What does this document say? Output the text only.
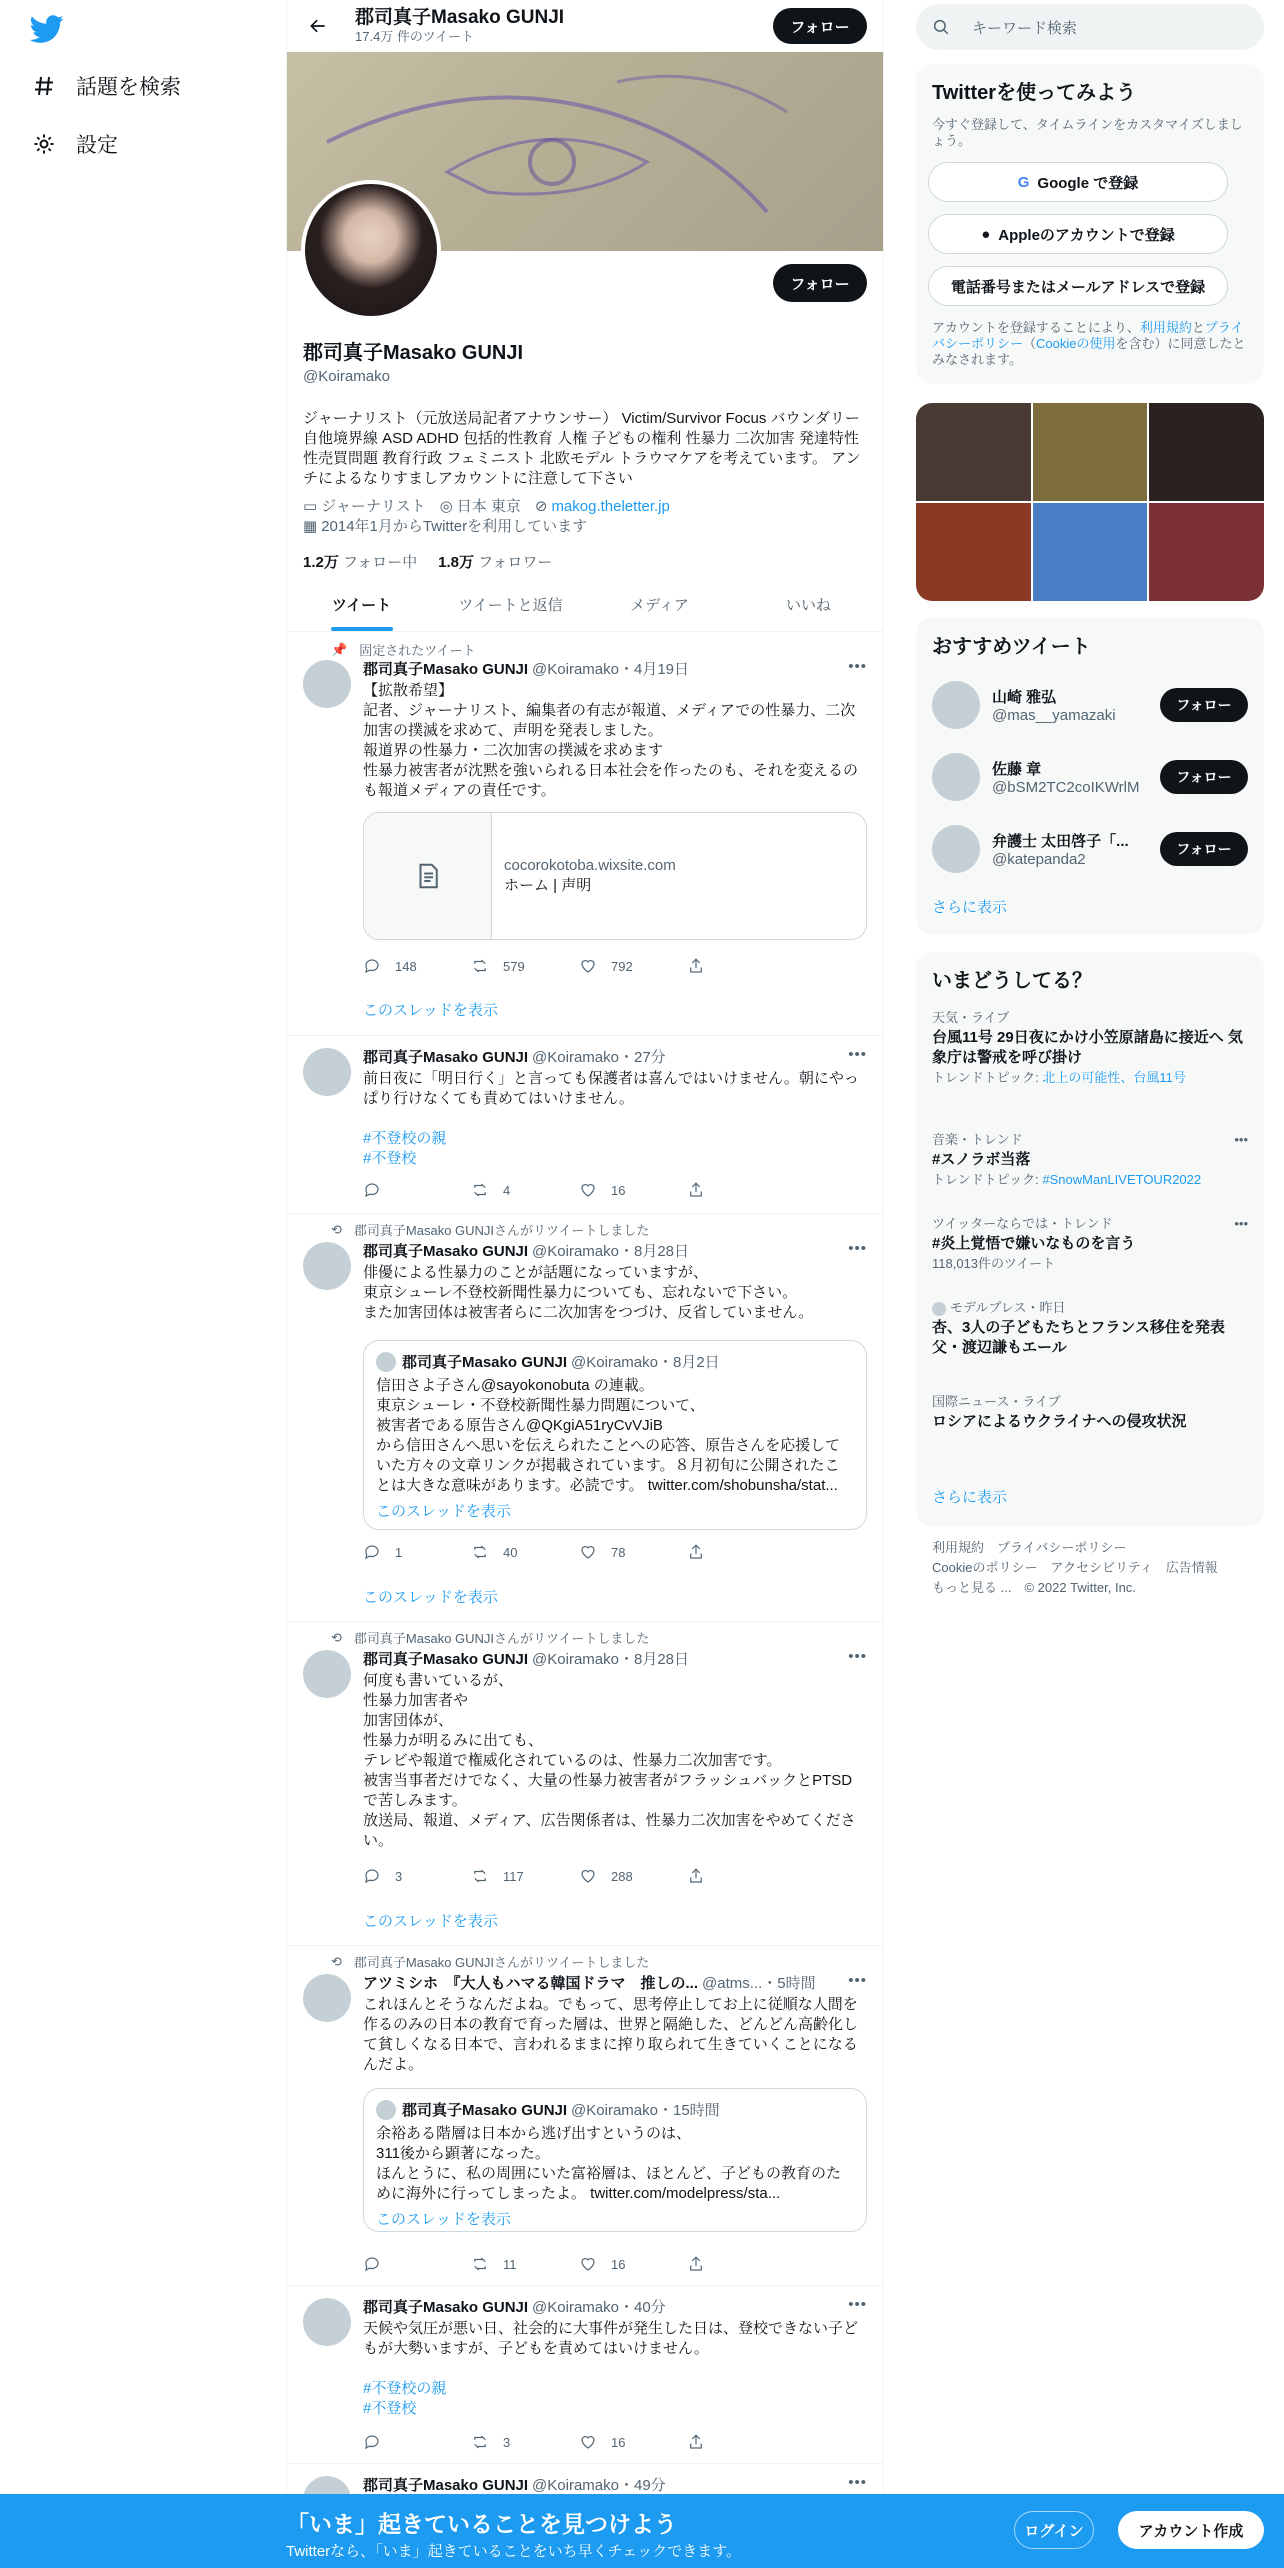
話題を検索
設定
郡司真子Masako GUNJI
17.4万 件のツイート
フォロー
フォロー
郡司真子Masako GUNJI
@Koiramako
ジャーナリスト（元放送局記者アナウンサー） Victim/Survivor Focus バウンダリー 自他境界線 ASD ADHD 包括的性教育 人権 子どもの権利 性暴力 二次加害 発達特性 性売買問題 教育行政 フェミニスト 北欧モデル トラウマケアを考えています。 アンチによるなりすましアカウントに注意して下さい
▭ ジャーナリスト ◎ 日本 東京 ⊘ makog.theletter.jp
▦ 2014年1月からTwitterを利用しています
1.2万 フォロー中 1.8万 フォロワー
ツイート	ツイートと返信	メディア	いいね
📌 固定されたツイート
郡司真子Masako GUNJI @Koiramako・4月19日	•••
【拡散希望】
記者、ジャーナリスト、編集者の有志が報道、メディアでの性暴力、二次加害の撲滅を求めて、声明を発表しました。
報道界の性暴力・二次加害の撲滅を求めます
性暴力被害者が沈黙を強いられる日本社会を作ったのも、それを変えるのも報道メディアの責任です。
cocorokotoba.wixsite.com
ホーム | 声明
148	579	792
このスレッドを表示
郡司真子Masako GUNJI @Koiramako・27分	•••
前日夜に「明日行く」と言っても保護者は喜んではいけません。朝にやっぱり行けなくても責めてはいけません。
#不登校の親
#不登校
4	16
⟲ 郡司真子Masako GUNJIさんがリツイートしました
郡司真子Masako GUNJI @Koiramako・8月28日	•••
俳優による性暴力のことが話題になっていますが、
東京シューレ不登校新聞性暴力についても、忘れないで下さい。
また加害団体は被害者らに二次加害をつづけ、反省していません。
郡司真子Masako GUNJI @Koiramako・8月2日
信田さよ子さん@sayokonobuta の連載。
東京シューレ・不登校新聞性暴力問題について、
被害者である原告さん@QKgiA51ryCvVJiB
から信田さんへ思いを伝えられたことへの応答、原告さんを応援していた方々の文章リンクが掲載されています。８月初旬に公開されたことは大きな意味があります。必読です。 twitter.com/shobunsha/stat...
このスレッドを表示
1	40	78
このスレッドを表示
⟲ 郡司真子Masako GUNJIさんがリツイートしました
郡司真子Masako GUNJI @Koiramako・8月28日	•••
何度も書いているが、
性暴力加害者や
加害団体が、
性暴力が明るみに出ても、
テレビや報道で権威化されているのは、性暴力二次加害です。
被害当事者だけでなく、大量の性暴力被害者がフラッシュバックとPTSDで苦しみます。
放送局、報道、メディア、広告関係者は、性暴力二次加害をやめてください。
3	117	288
このスレッドを表示
⟲ 郡司真子Masako GUNJIさんがリツイートしました
アツミシホ　『大人もハマる韓国ドラマ　推しの... @atms...・5時間 •••
これほんとそうなんだよね。でもって、思考停止してお上に従順な人間を作るのみの日本の教育で育った層は、世界と隔絶した、どんどん高齢化して貧しくなる日本で、言われるままに搾り取られて生きていくことになるんだよ。
郡司真子Masako GUNJI @Koiramako・15時間
余裕ある階層は日本から逃げ出すというのは、
311後から顕著になった。
ほんとうに、私の周囲にいた富裕層は、ほとんど、子どもの教育のために海外に行ってしまったよ。 twitter.com/modelpress/sta...
このスレッドを表示
11	16
郡司真子Masako GUNJI @Koiramako・40分	•••
天候や気圧が悪い日、社会的に大事件が発生した日は、登校できない子どもが大勢いますが、子どもを責めてはいけません。
#不登校の親
#不登校
3	16
郡司真子Masako GUNJI @Koiramako・49分	•••
キーワード検索
Twitterを使ってみよう
今すぐ登録して、タイムラインをカスタマイズしましょう。
G Google で登録
● Appleのアカウントで登録
電話番号またはメールアドレスで登録
アカウントを登録することにより、利用規約とプライバシーポリシー（Cookieの使用を含む）に同意したとみなされます。
おすすめツイート
山崎 雅弘
@mas__yamazaki
フォロー
佐藤 章
@bSM2TC2coIKWrlM
フォロー
弁護士 太田啓子「...
@katepanda2
フォロー
さらに表示
いまどうしてる？
天気・ライブ
台風11号 29日夜にかけ小笠原諸島に接近へ 気象庁は警戒を呼び掛け
トレンドトピック: 北上の可能性、台風11号
音楽・トレンド	•••
#スノラボ当落
トレンドトピック: #SnowManLIVETOUR2022
ツイッターならでは・トレンド	•••
#炎上覚悟で嫌いなものを言う
118,013件のツイート
モデルプレス・昨日
杏、3人の子どもたちとフランス移住を発表 父・渡辺謙もエール
国際ニュース・ライブ
ロシアによるウクライナへの侵攻状況
さらに表示
利用規約　プライバシーポリシー
Cookieのポリシー　アクセシビリティ　広告情報
もっと見る ...　© 2022 Twitter, Inc.
「いま」起きていることを見つけよう
Twitterなら、「いま」起きていることをいち早くチェックできます。
ログイン	アカウント作成
